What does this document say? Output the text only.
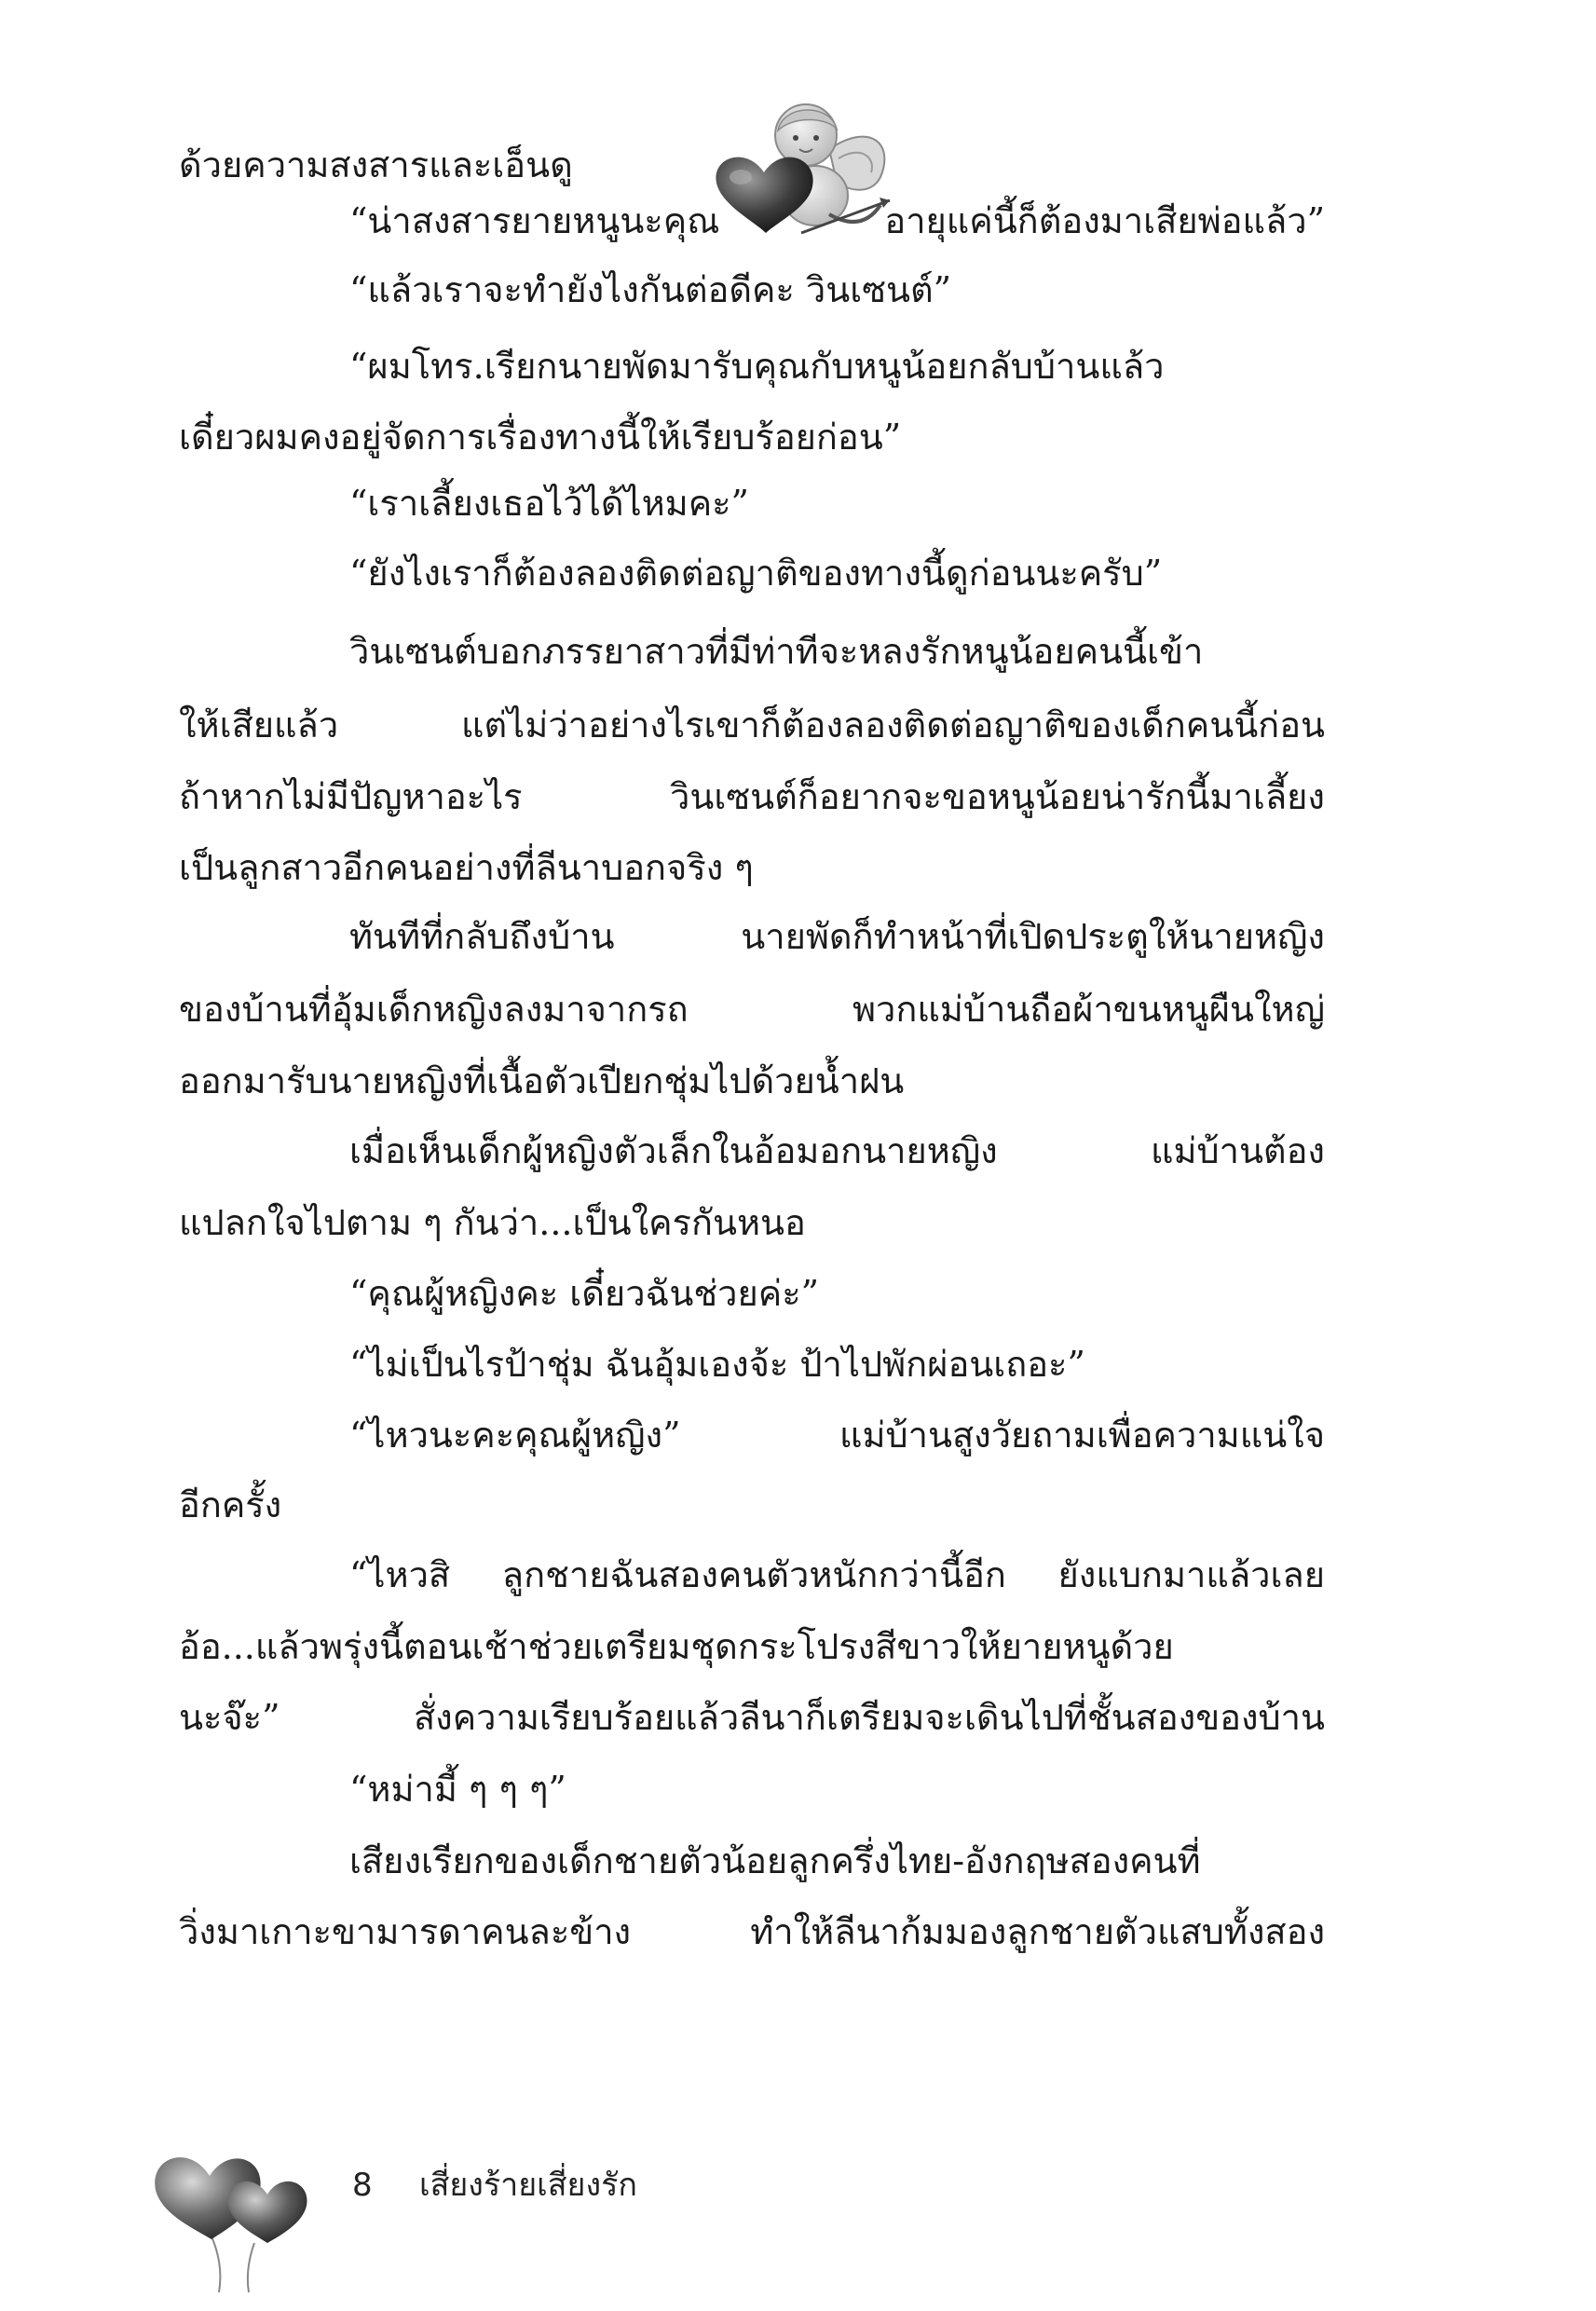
ด้วยความสงสารและเอ็นดู
“น่าสงสารยายหนูนะคุณ อายุแค่นี้ก็ต้องมาเสียพ่อแล้ว”
“แล้วเราจะทำยังไงกันต่อดีคะ วินเซนต์”
“ผมโทร.เรียกนายพัดมารับคุณกับหนูน้อยกลับบ้านแล้ว
เดี๋ยวผมคงอยู่จัดการเรื่องทางนี้ให้เรียบร้อยก่อน”
“เราเลี้ยงเธอไว้ได้ไหมคะ”
“ยังไงเราก็ต้องลองติดต่อญาติของทางนี้ดูก่อนนะครับ”
วินเซนต์บอกภรรยาสาวที่มีท่าทีจะหลงรักหนูน้อยคนนี้เข้า
ให้เสียแล้ว แต่ไม่ว่าอย่างไรเขาก็ต้องลองติดต่อญาติของเด็กคนนี้ก่อน
ถ้าหากไม่มีปัญหาอะไร วินเซนต์ก็อยากจะขอหนูน้อยน่ารักนี้มาเลี้ยง
เป็นลูกสาวอีกคนอย่างที่ลีนาบอกจริง ๆ
ทันทีที่กลับถึงบ้าน นายพัดก็ทำหน้าที่เปิดประตูให้นายหญิง
ของบ้านที่อุ้มเด็กหญิงลงมาจากรถ พวกแม่บ้านถือผ้าขนหนูผืนใหญ่
ออกมารับนายหญิงที่เนื้อตัวเปียกชุ่มไปด้วยน้ำฝน
เมื่อเห็นเด็กผู้หญิงตัวเล็กในอ้อมอกนายหญิง แม่บ้านต้อง
แปลกใจไปตาม ๆ กันว่า...เป็นใครกันหนอ
“คุณผู้หญิงคะ เดี๋ยวฉันช่วยค่ะ”
“ไม่เป็นไรป้าชุ่ม ฉันอุ้มเองจ้ะ ป้าไปพักผ่อนเถอะ”
“ไหวนะคะคุณผู้หญิง” แม่บ้านสูงวัยถามเพื่อความแน่ใจ
อีกครั้ง
“ไหวสิ ลูกชายฉันสองคนตัวหนักกว่านี้อีก ยังแบกมาแล้วเลย
อ้อ...แล้วพรุ่งนี้ตอนเช้าช่วยเตรียมชุดกระโปรงสีขาวให้ยายหนูด้วย
นะจ๊ะ” สั่งความเรียบร้อยแล้วลีนาก็เตรียมจะเดินไปที่ชั้นสองของบ้าน
“หม่ามี้ ๆ ๆ ๆ”
เสียงเรียกของเด็กชายตัวน้อยลูกครึ่งไทย-อังกฤษสองคนที่
วิ่งมาเกาะขามารดาคนละข้าง ทำให้ลีนาก้มมองลูกชายตัวแสบทั้งสอง
8 เสี่ยงร้ายเสี่ยงรัก
